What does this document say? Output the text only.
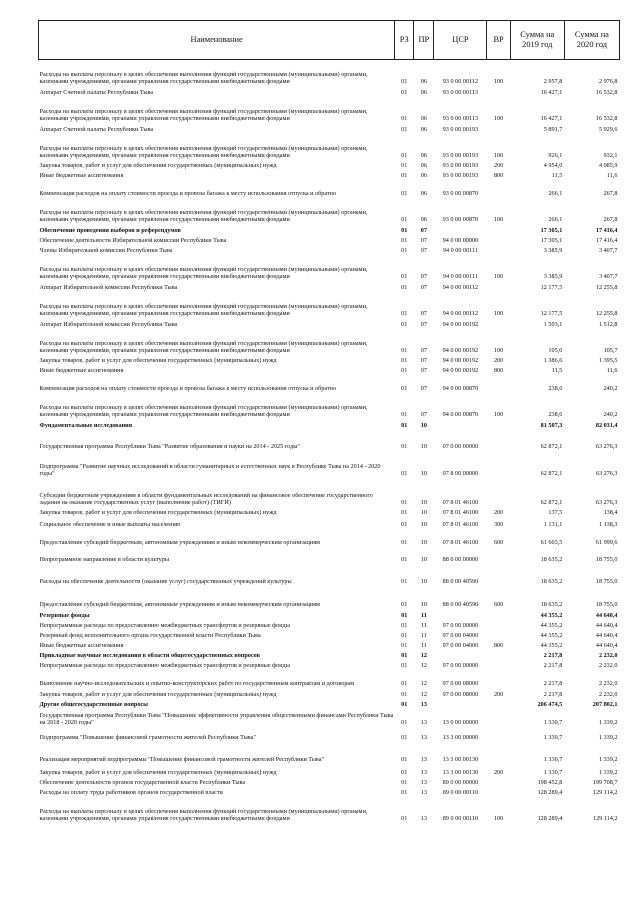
Наименование	РЗ	ПР	ЦСР	ВР	Сумма на 2019 год	Сумма на 2020 год
Расходы на выплаты персоналу в целях обеспечения выполнения функций государственными (муниципальными) органами, казенными учреждениями, органами управления государственными внебюджетными фондами	01	06	93 0 00 00112	100	2 957,8	2 976,8
Аппарат Счетной палаты Республики Тыва	01	06	93 0 00 00113		16 427,1	16 532,8
Расходы на выплаты персоналу в целях обеспечения выполнения функций государственными (муниципальными) органами, казенными учреждениями, органами управления государственными внебюджетными фондами	01	06	93 0 00 00113	100	16 427,1	16 532,8
Аппарат Счетной палаты Республики Тыва	01	06	93 0 00 00193		5 891,7	5 929,6
Расходы на выплаты персоналу в целях обеспечения выполнения функций государственными (муниципальными) органами, казенными учреждениями, органами управления государственными внебюджетными фондами	01	06	93 0 00 00193	100	926,1	932,1
Закупка товаров, работ и услуг для обеспечения государственных (муниципальных) нужд	01	06	93 0 00 00193	200	4 954,0	4 985,9
Иные бюджетные ассигнования	01	06	93 0 00 00193	800	11,5	11,6
Компенсация расходов на оплату стоимости проезда и провоза багажа к месту использования отпуска и обратно	01	06	93 0 00 00870		266,1	267,8
Расходы на выплаты персоналу в целях обеспечения выполнения функций государственными (муниципальными) органами, казенными учреждениями, органами управления государственными внебюджетными фондами	01	06	93 0 00 00870	100	266,1	267,8
Обеспечение проведения выборов и референдумов	01	07			17 305,1	17 416,4
Обеспечение деятельности Избирательной комиссии Республики Тыва	01	07	94 0 00 00000		17 305,1	17 416,4
Члены Избирательной комиссии Республики Тыва	01	07	94 0 00 00111		3 385,9	3 407,7
Расходы на выплаты персоналу в целях обеспечения выполнения функций государственными (муниципальными) органами, казенными учреждениями, органами управления государственными внебюджетными фондами	01	07	94 0 00 00111	100	3 385,9	3 407,7
Аппарат Избирательной комиссии Республики Тыва	01	07	94 0 00 00112		12 177,5	12 255,8
Расходы на выплаты персоналу в целях обеспечения выполнения функций государственными (муниципальными) органами, казенными учреждениями, органами управления государственными внебюджетными фондами	01	07	94 0 00 00112	100	12 177,5	12 255,8
Аппарат Избирательной комиссии Республики Тыва	01	07	94 0 00 00192		1 503,1	1 512,8
Расходы на выплаты персоналу в целях обеспечения выполнения функций государственными (муниципальными) органами, казенными учреждениями, органами управления государственными внебюджетными фондами	01	07	94 0 00 00192	100	105,0	105,7
Закупка товаров, работ и услуг для обеспечения государственных (муниципальных) нужд	01	07	94 0 00 00192	200	1 386,6	1 395,5
Иные бюджетные ассигнования	01	07	94 0 00 00192	800	11,5	11,6
Компенсация расходов на оплату стоимости проезда и провоза багажа к месту использования отпуска и обратно	01	07	94 0 00 00870		238,6	240,2
Расходы на выплаты персоналу в целях обеспечения выполнения функций государственными (муниципальными) органами, казенными учреждениями, органами управления государственными внебюджетными фондами	01	07	94 0 00 00870	100	238,6	240,2
Фундаментальные исследования	01	10			81 507,3	82 031,4
Государственная программа Республики Тыва "Развитие образования и науки на 2014 - 2025 годы"	01	10	07 0 00 00000		62 872,1	63 276,3
Подпрограмма "Развитие научных исследований в области гуманитарных и естественных наук в Республике Тыва на 2014 - 2020 годы"	01	10	07 8 00 00000		62 872,1	63 276,3
Субсидии бюджетным учреждениям в области фундаментальных исследований на финансовое обеспечение государственного задания на оказание государственных услуг (выполнение работ) (ТИГИ)	01	10	07 8 01 46100		62 872,1	63 276,3
Закупка товаров, работ и услуг для обеспечения государственных (муниципальных) нужд	01	10	07 8 01 46100	200	137,5	138,4
Социальное обеспечение и иные выплаты населению	01	10	07 8 01 46100	300	1 131,1	1 138,3
Предоставление субсидий бюджетным, автономным учреждениям и иным некоммерческим организациям	01	10	07 8 01 46100	600	61 603,5	61 999,6
Непрограммное направление в области культуры	01	10	88 0 00 00000		18 635,2	18 755,0
Расходы на обеспечение деятельности (оказание услуг) государственных учреждений культуры	01	10	88 0 00 40590		18 635,2	18 755,0
Предоставление субсидий бюджетным, автономным учреждениям и иным некоммерческим организациям	01	10	88 0 00 40590	600	18 635,2	18 755,0
Резервные фонды	01	11			44 355,2	44 640,4
Непрограммные расходы по предоставлению межбюджетных трансфертов и резервные фонды	01	11	97 0 00 00000		44 355,2	44 640,4
Резервный фонд исполнительного органа государственной власти Республики Тыва	01	11	97 0 00 04000		44 355,2	44 640,4
Иные бюджетные ассигнования	01	11	97 0 00 04000	800	44 355,2	44 640,4
Прикладные научные исследования в области общегосударственных вопросов	01	12			2 217,8	2 232,0
Непрограммные расходы по предоставлению межбюджетных трансфертов и резервные фонды	01	12	97 0 00 00000		2 217,8	2 232,0
Выполнение научно-исследовательских и опытно-конструкторских работ по государственным контрактам и договорам	01	12	97 0 00 08000		2 217,8	2 232,0
Закупка товаров, работ и услуг для обеспечения государственных (муниципальных) нужд	01	12	97 0 00 08000	200	2 217,8	2 232,0
Другие общегосударственные вопросы	01	13			206 474,5	207 802,1
Государственная программа Республики Тыва "Повышение эффективности управления общественными финансами Республики Тыва на 2018 - 2020 годы"	01	13	13 0 00 00000		1 330,7	1 339,2
Подпрограмма "Повышение финансовой грамотности жителей Республики Тыва"	01	13	13 3 00 00000		1 330,7	1 339,2
Реализация мероприятий подпрограммы "Повышение финансовой грамотности жителей Республики Тыва"	01	13	13 3 00 00130		1 330,7	1 339,2
Закупка товаров, работ и услуг для обеспечения государственных (муниципальных) нужд	01	13	13 3 00 00130	200	1 330,7	1 339,2
Обеспечение деятельности органов государственной власти Республики Тыва	01	13	89 0 00 00000		198 452,8	199 708,7
Расходы на оплату труда работников органов государственной власти	01	13	89 0 00 00110		128 289,4	129 114,2
Расходы на выплаты персоналу в целях обеспечения выполнения функций государственными (муниципальными) органами, казенными учреждениями, органами управления государственными внебюджетными фондами	01	13	89 0 00 00110	100	128 289,4	129 114,2
